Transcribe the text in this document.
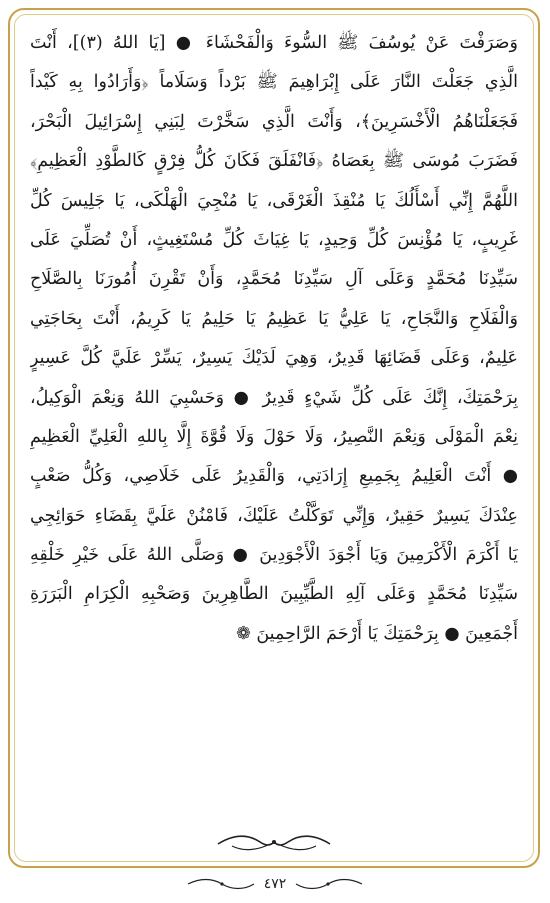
وَصَرَفْتَ عَنْ يُوسُفَ ﷺ السُّوءَ وَالْفَحْشَاءَ ● [يَا اللهُ (٣)]، أَنْتَ
الَّذِي جَعَلْتَ النَّارَ عَلَى إِبْرَاهِيمَ ﷺ بَرْداً وَسَلَاماً ﴿وَأَرَادُوا بِهِ كَيْداً
فَجَعَلْنَاهُمُ الْأَخْسَرِينَ﴾، وَأَنْتَ الَّذِي سَخَّرْتَ لِبَنِي إِسْرَائِيلَ الْبَحْرَ،
فَضَرَبَ مُوسَى ﷺ بِعَصَاهُ ﴿فَانْفَلَقَ فَكَانَ كُلُّ فِرْقٍ كَالطَّوْدِ الْعَظِيمِ﴾
اللَّهُمَّ إِنِّي أَسْأَلُكَ يَا مُنْقِذَ الْغَرْقَى، يَا مُنْجِيَ الْهَلْكَى، يَا جَلِيسَ كُلِّ
غَرِيبٍ، يَا مُؤْنِسَ كُلِّ وَحِيدٍ، يَا غِيَاثَ كُلِّ مُسْتَغِيثٍ، أَنْ تُصَلِّيَ عَلَى
سَيِّدِنَا مُحَمَّدٍ وَعَلَى آلِ سَيِّدِنَا مُحَمَّدٍ، وَأَنْ تَقْرِنَ أُمُورَنَا بِالصَّلَاحِ
وَالْفَلَاحِ وَالنَّجَاحِ، يَا عَلِيُّ يَا عَظِيمُ يَا حَلِيمُ يَا كَرِيمُ، أَنْتَ بِحَاجَتِي
عَلِيمٌ، وَعَلَى قَضَائِهَا قَدِيرٌ، وَهِيَ لَدَيْكَ يَسِيرٌ، يَسِّرْ عَلَيَّ كُلَّ عَسِيرٍ
بِرَحْمَتِكَ، إِنَّكَ عَلَى كُلِّ شَيْءٍ قَدِيرٌ ● وَحَسْبِيَ اللهُ وَنِعْمَ الْوَكِيلُ،
نِعْمَ الْمَوْلَى وَنِعْمَ النَّصِيرُ، وَلَا حَوْلَ وَلَا قُوَّةَ إِلَّا بِاللهِ الْعَلِيِّ الْعَظِيمِ
● أَنْتَ الْعَلِيمُ بِجَمِيعِ إِرَادَتِي، وَالْقَدِيرُ عَلَى خَلَاصِي، وَكُلُّ صَعْبٍ
عِنْدَكَ يَسِيرٌ حَقِيرٌ، وَإِنِّي تَوَكَّلْتُ عَلَيْكَ، فَامْنُنْ عَلَيَّ بِقَضَاءِ حَوَائِجِي
يَا أَكْرَمَ الْأَكْرَمِينَ وَيَا أَجْوَدَ الْأَجْوَدِينَ ● وَصَلَّى اللهُ عَلَى خَيْرِ خَلْقِهِ
سَيِّدِنَا مُحَمَّدٍ وَعَلَى آلِهِ الطَّيِّبِينَ الطَّاهِرِينَ وَصَحْبِهِ الْكِرَامِ الْبَرَرَةِ
أَجْمَعِينَ ● بِرَحْمَتِكَ يَا أَرْحَمَ الرَّاحِمِينَ ❁
٤٧٢
